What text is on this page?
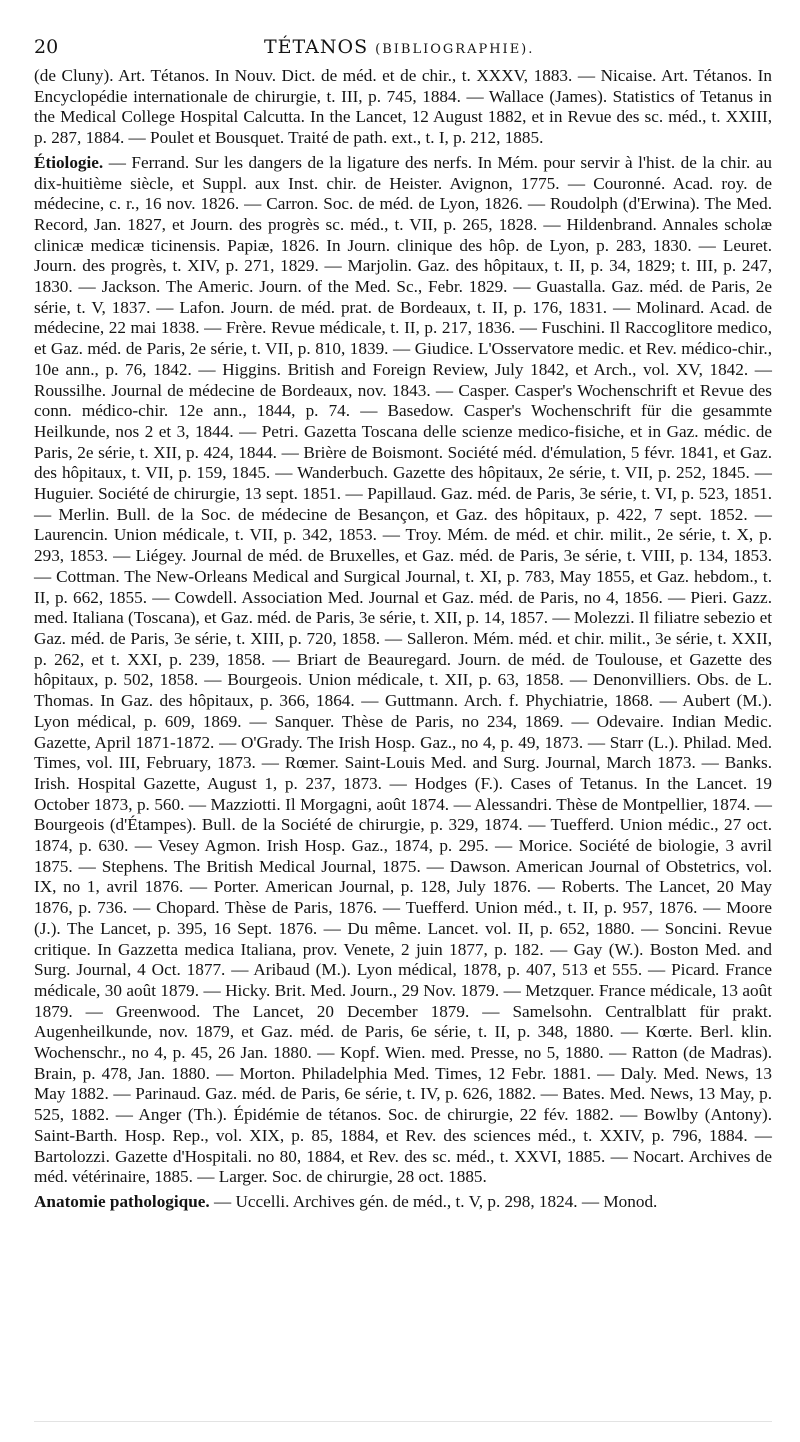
20	TÉTANOS (BIBLIOGRAPHIE).

(de Cluny). Art. Tétanos. In Nouv. Dict. de méd. et de chir., t. XXXV, 1883. — Nicaise. Art. Tétanos. In Encyclopédie internationale de chirurgie, t. III, p. 745, 1884. — Wallace (James). Statistics of Tetanus in the Medical College Hospital Calcutta. In the Lancet, 12 August 1882, et in Revue des sc. méd., t. XXIII, p. 287, 1884. — Poulet et Bousquet. Traité de path. ext., t. I, p. 212, 1885.

Étiologie. — Ferrand. Sur les dangers de la ligature des nerfs. In Mém. pour servir à l'hist. de la chir. au dix-huitième siècle, et Suppl. aux Inst. chir. de Heister. Avignon, 1775. — Couronné. Acad. roy. de médecine, c. r., 16 nov. 1826. — Carron. Soc. de méd. de Lyon, 1826. — Roudolph (d'Erwina). The Med. Record, Jan. 1827, et Journ. des progrès sc. méd., t. VII, p. 265, 1828. — Hildenbrand. Annales scholæ clinicæ medicæ ticinensis. Papiæ, 1826. In Journ. clinique des hôp. de Lyon, p. 283, 1830. — Leuret. Journ. des progrès, t. XIV, p. 271, 1829. — Marjolin. Gaz. des hôpitaux, t. II, p. 34, 1829; t. III, p. 247, 1830. — Jackson. The Americ. Journ. of the Med. Sc., Febr. 1829. — Guastalla. Gaz. méd. de Paris, 2e série, t. V, 1837. — Lafon. Journ. de méd. prat. de Bordeaux, t. II, p. 176, 1831. — Molinard. Acad. de médecine, 22 mai 1838. — Frère. Revue médicale, t. II, p. 217, 1836. — Fuschini. Il Raccoglitore medico, et Gaz. méd. de Paris, 2e série, t. VII, p. 810, 1839. — Giudice. L'Osservatore medic. et Rev. médico-chir., 10e ann., p. 76, 1842. — Higgins. British and Foreign Review, July 1842, et Arch., vol. XV, 1842. — Roussilhe. Journal de médecine de Bordeaux, nov. 1843. — Casper. Casper's Wochenschrift et Revue des conn. médico-chir. 12e ann., 1844, p. 74. — Basedow. Casper's Wochenschrift für die gesammte Heilkunde, nos 2 et 3, 1844. — Petri. Gazetta Toscana delle scienze medico-fisiche, et in Gaz. médic. de Paris, 2e série, t. XII, p. 424, 1844. — Brière de Boismont. Société méd. d'émulation, 5 févr. 1841, et Gaz. des hôpitaux, t. VII, p. 159, 1845. — Wanderbuch. Gazette des hôpitaux, 2e série, t. VII, p. 252, 1845. — Huguier. Société de chirurgie, 13 sept. 1851. — Papillaud. Gaz. méd. de Paris, 3e série, t. VI, p. 523, 1851. — Merlin. Bull. de la Soc. de médecine de Besançon, et Gaz. des hôpitaux, p. 422, 7 sept. 1852. — Laurencin. Union médicale, t. VII, p. 342, 1853. — Troy. Mém. de méd. et chir. milit., 2e série, t. X, p. 293, 1853. — Liégey. Journal de méd. de Bruxelles, et Gaz. méd. de Paris, 3e série, t. VIII, p. 134, 1853. — Cottman. The New-Orleans Medical and Surgical Journal, t. XI, p. 783, May 1855, et Gaz. hebdom., t. II, p. 662, 1855. — Cowdell. Association Med. Journal et Gaz. méd. de Paris, no 4, 1856. — Pieri. Gazz. med. Italiana (Toscana), et Gaz. méd. de Paris, 3e série, t. XII, p. 14, 1857. — Molezzi. Il filiatre sebezio et Gaz. méd. de Paris, 3e série, t. XIII, p. 720, 1858. — Salleron. Mém. méd. et chir. milit., 3e série, t. XXII, p. 262, et t. XXI, p. 239, 1858. — Briart de Beauregard. Journ. de méd. de Toulouse, et Gazette des hôpitaux, p. 502, 1858. — Bourgeois. Union médicale, t. XII, p. 63, 1858. — Denonvilliers. Obs. de L. Thomas. In Gaz. des hôpitaux, p. 366, 1864. — Guttmann. Arch. f. Phychiatrie, 1868. — Aubert (M.). Lyon médical, p. 609, 1869. — Sanquer. Thèse de Paris, no 234, 1869. — Odevaire. Indian Medic. Gazette, April 1871-1872. — O'Grady. The Irish Hosp. Gaz., no 4, p. 49, 1873. — Starr (L.). Philad. Med. Times, vol. III, February, 1873. — Rœmer. Saint-Louis Med. and Surg. Journal, March 1873. — Banks. Irish. Hospital Gazette, August 1, p. 237, 1873. — Hodges (F.). Cases of Tetanus. In the Lancet. 19 October 1873, p. 560. — Mazziotti. Il Morgagni, août 1874. — Alessandri. Thèse de Montpellier, 1874. — Bourgeois (d'Étampes). Bull. de la Société de chirurgie, p. 329, 1874. — Tuefferd. Union médic., 27 oct. 1874, p. 630. — Vesey Agmon. Irish Hosp. Gaz., 1874, p. 295. — Morice. Société de biologie, 3 avril 1875. — Stephens. The British Medical Journal, 1875. — Dawson. American Journal of Obstetrics, vol. IX, no 1, avril 1876. — Porter. American Journal, p. 128, July 1876. — Roberts. The Lancet, 20 May 1876, p. 736. — Chopard. Thèse de Paris, 1876. — Tuefferd. Union méd., t. II, p. 957, 1876. — Moore (J.). The Lancet, p. 395, 16 Sept. 1876. — Du même. Lancet. vol. II, p. 652, 1880. — Soncini. Revue critique. In Gazzetta medica Italiana, prov. Venete, 2 juin 1877, p. 182. — Gay (W.). Boston Med. and Surg. Journal, 4 Oct. 1877. — Aribaud (M.). Lyon médical, 1878, p. 407, 513 et 555. — Picard. France médicale, 30 août 1879. — Hicky. Brit. Med. Journ., 29 Nov. 1879. — Metzquer. France médicale, 13 août 1879. — Greenwood. The Lancet, 20 December 1879. — Samelsohn. Centralblatt für prakt. Augenheilkunde, nov. 1879, et Gaz. méd. de Paris, 6e série, t. II, p. 348, 1880. — Kœrte. Berl. klin. Wochenschr., no 4, p. 45, 26 Jan. 1880. — Kopf. Wien. med. Presse, no 5, 1880. — Ratton (de Madras). Brain, p. 478, Jan. 1880. — Morton. Philadelphia Med. Times, 12 Febr. 1881. — Daly. Med. News, 13 May 1882. — Parinaud. Gaz. méd. de Paris, 6e série, t. IV, p. 626, 1882. — Bates. Med. News, 13 May, p. 525, 1882. — Anger (Th.). Épidémie de tétanos. Soc. de chirurgie, 22 fév. 1882. — Bowlby (Antony). Saint-Barth. Hosp. Rep., vol. XIX, p. 85, 1884, et Rev. des sciences méd., t. XXIV, p. 796, 1884. — Bartolozzi. Gazette d'Hospitali. no 80, 1884, et Rev. des sc. méd., t. XXVI, 1885. — Nocart. Archives de méd. vétérinaire, 1885. — Larger. Soc. de chirurgie, 28 oct. 1885.

Anatomie pathologique. — Uccelli. Archives gén. de méd., t. V, p. 298, 1824. — Monod.
